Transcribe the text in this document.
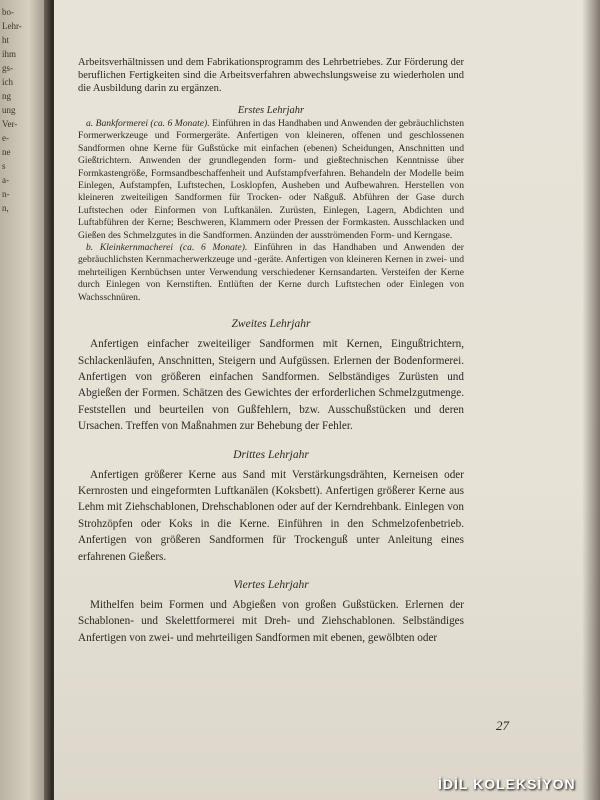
bo-
Lehr-
ht
ihm
gs-
ich
ng
ung
Ver-
e-
ne
s
a-
n-
n,

Arbeitsverhältnissen und dem Fabrikationsprogramm des Lehrbetriebes. Zur Förderung der beruflichen Fertigkeiten sind die Arbeitsverfahren abwechslungsweise zu wiederholen und die Ausbildung darin zu ergänzen.

Erstes Lehrjahr

a. Bankformerei (ca. 6 Monate). Einführen in das Handhaben und Anwenden der gebräuchlichsten Formerwerkzeuge und Formergeräte. Anfertigen von kleineren, offenen und geschlossenen Sandformen ohne Kerne für Gußstücke mit einfachen (ebenen) Scheidungen, Anschnitten und Gießtrichtern. Anwenden der grundlegenden form- und gießtechnischen Kenntnisse über Formkastengröße, Formsandbeschaffenheit und Aufstampfverfahren. Behandeln der Modelle beim Einlegen, Aufstampfen, Luftstechen, Losklopfen, Ausheben und Aufbewahren. Herstellen von kleineren zweiteiligen Sandformen für Trocken- oder Naßguß. Abführen der Gase durch Luftstechen oder Einformen von Luftkanälen. Zurüsten, Einlegen, Lagern, Abdichten und Luftabführen der Kerne; Beschweren, Klammern oder Pressen der Formkasten. Ausschlacken und Gießen des Schmelzgutes in die Sandformen. Anzünden der ausströmenden Form- und Kerngase.

b. Kleinkernmacherei (ca. 6 Monate). Einführen in das Handhaben und Anwenden der gebräuchlichsten Kernmacherwerkzeuge und -geräte. Anfertigen von kleineren Kernen in zwei- und mehrteiligen Kernbüchsen unter Verwendung verschiedener Kernsandarten. Versteifen der Kerne durch Einlegen von Kernstiften. Entlüften der Kerne durch Luftstechen oder Einlegen von Wachsschnüren.

Zweites Lehrjahr

Anfertigen einfacher zweiteiliger Sandformen mit Kernen, Eingußtrichtern, Schlackenläufen, Anschnitten, Steigern und Aufgüssen. Erlernen der Bodenformerei. Anfertigen von größeren einfachen Sandformen. Selbständiges Zurüsten und Abgießen der Formen. Schätzen des Gewichtes der erforderlichen Schmelzgutmenge. Feststellen und beurteilen von Gußfehlern, bzw. Ausschußstücken und deren Ursachen. Treffen von Maßnahmen zur Behebung der Fehler.

Drittes Lehrjahr

Anfertigen größerer Kerne aus Sand mit Verstärkungsdrähten, Kerneisen oder Kernrosten und eingeformten Luftkanälen (Koksbett). Anfertigen größerer Kerne aus Lehm mit Ziehschablonen, Drehschablonen oder auf der Kerndrehbank. Einlegen von Strohzöpfen oder Koks in die Kerne. Einführen in den Schmelzofenbetrieb. Anfertigen von größeren Sandformen für Trockenguß unter Anleitung eines erfahrenen Gießers.

Viertes Lehrjahr

Mithelfen beim Formen und Abgießen von großen Gußstücken. Erlernen der Schablonen- und Skelettformerei mit Dreh- und Ziehschablonen. Selbständiges Anfertigen von zwei- und mehrteiligen Sandformen mit ebenen, gewölbten oder

27
İDİL KOLEKSİYON
